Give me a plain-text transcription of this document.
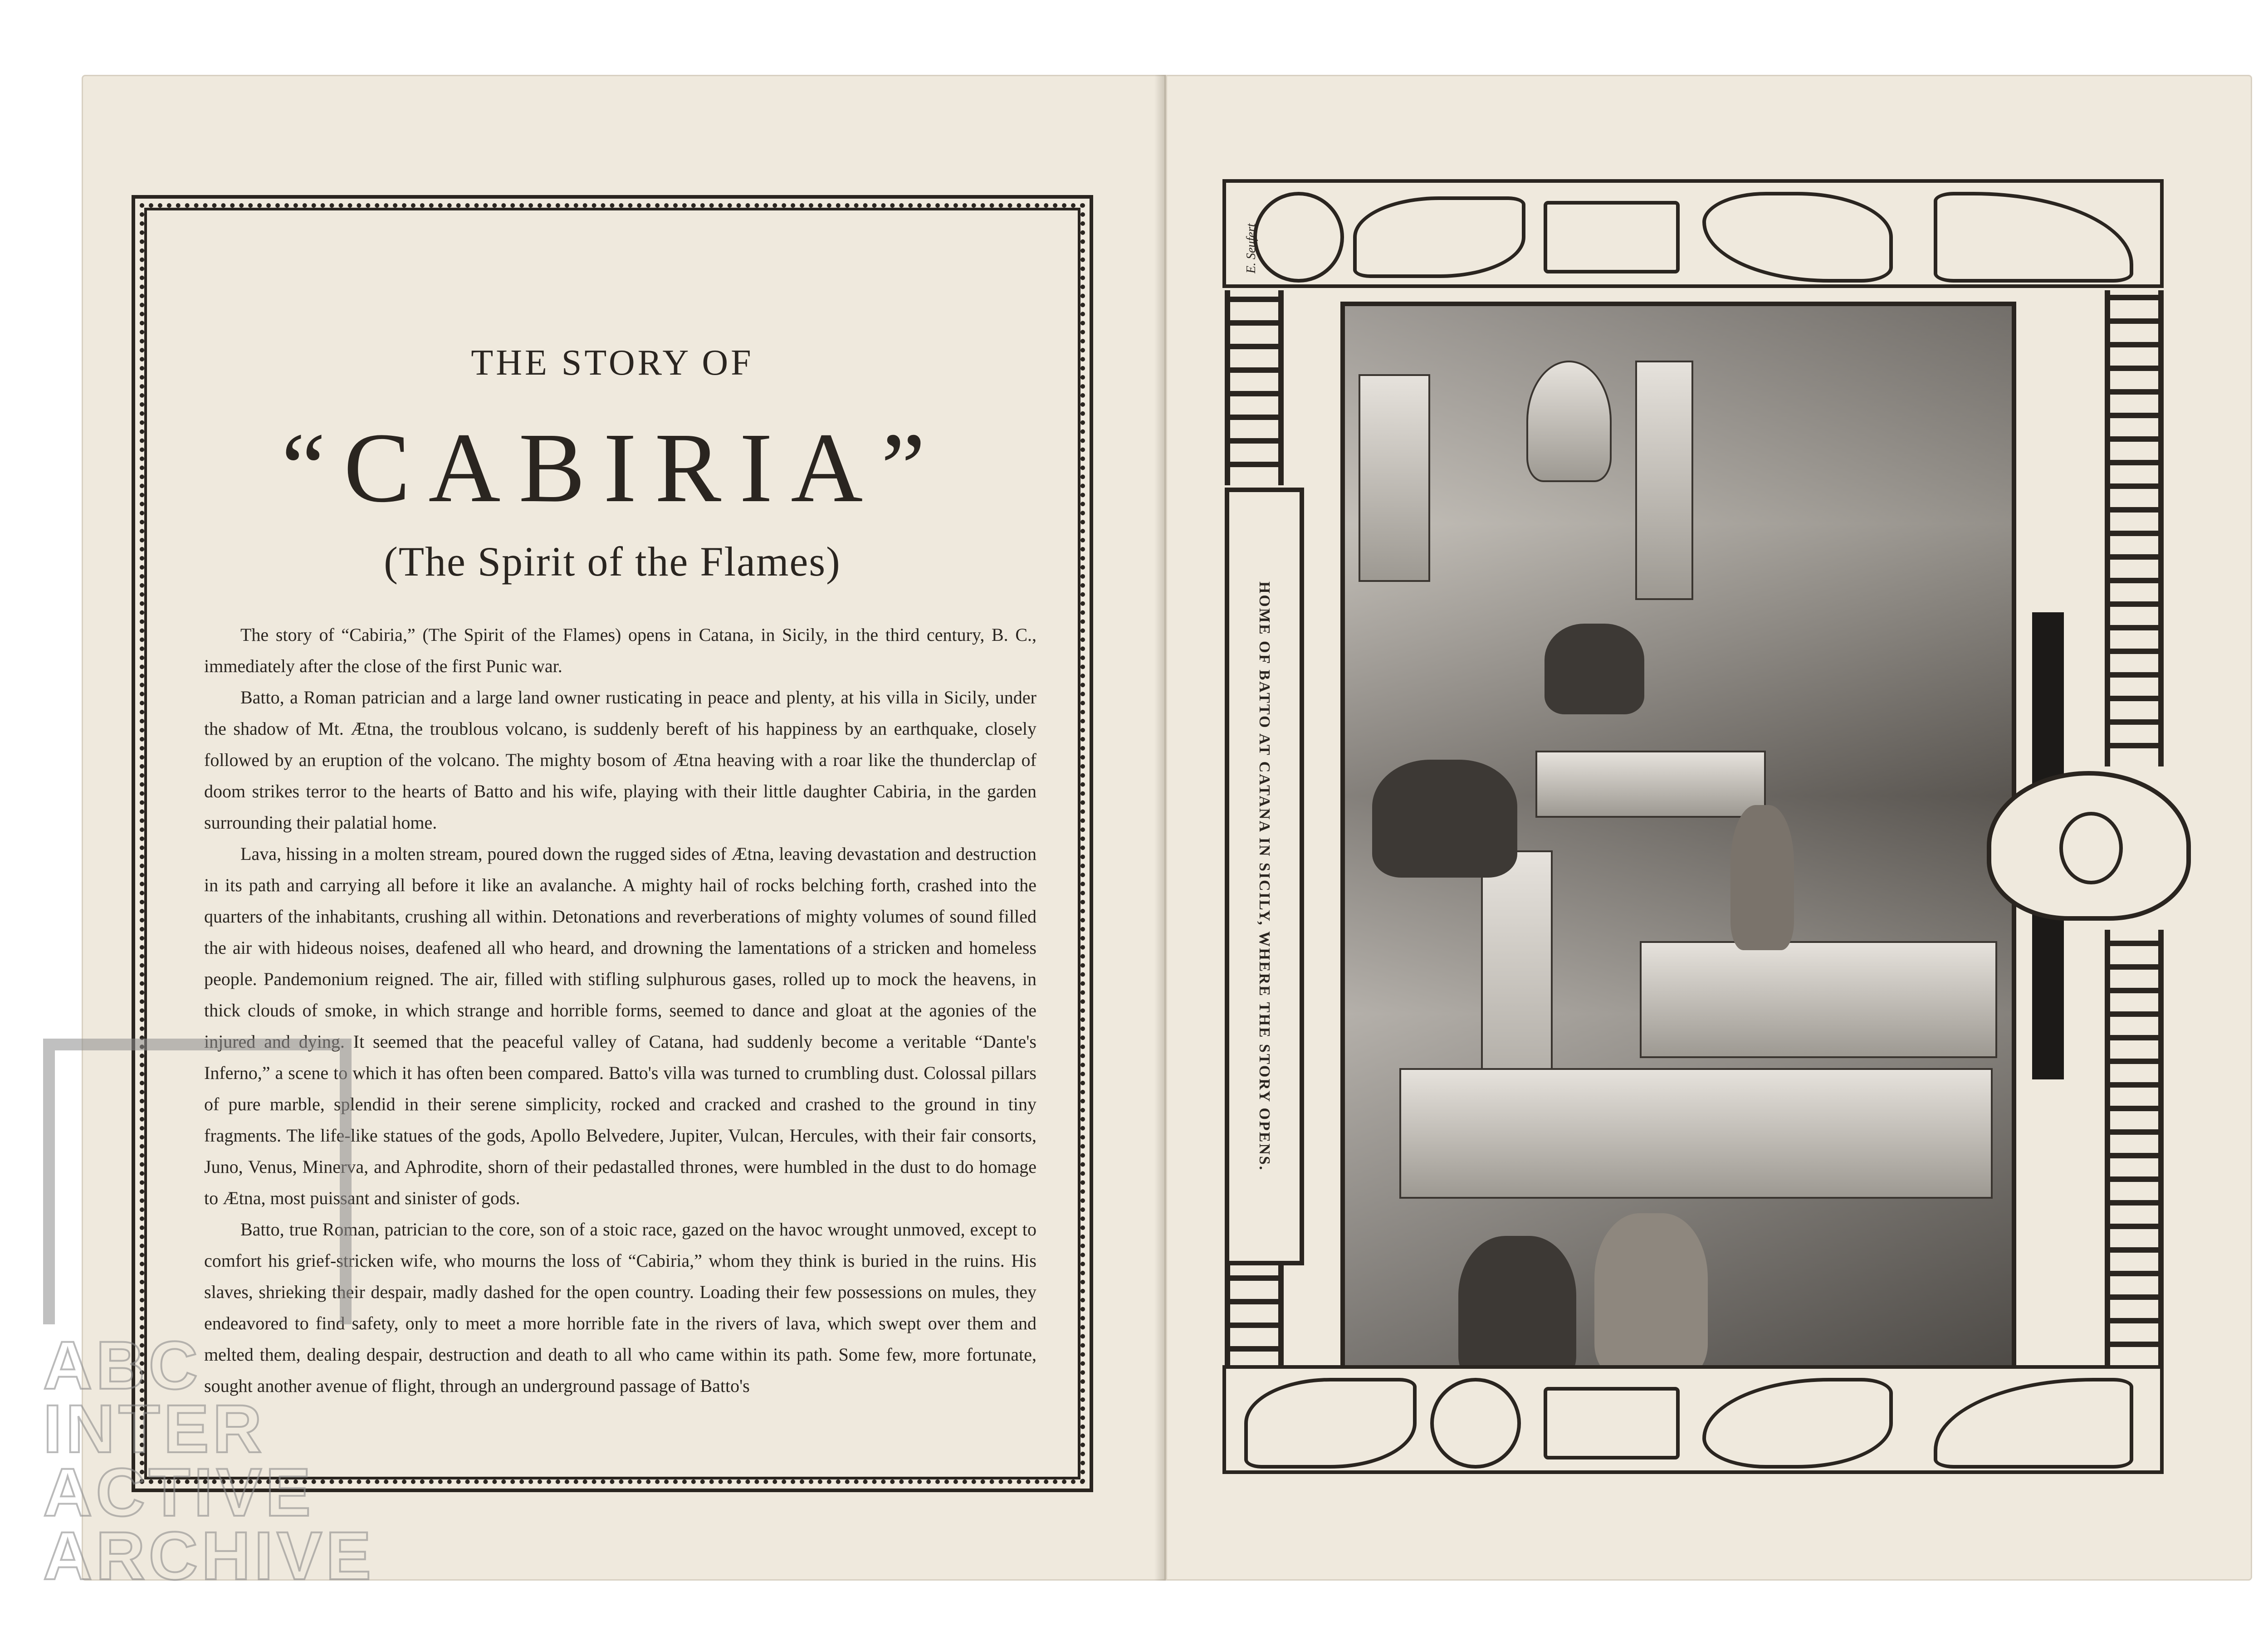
THE STORY OF
“CABIRIA”
(The Spirit of the Flames)

The story of “Cabiria,” (The Spirit of the Flames) opens in Catana, in Sicily, in the third century, B. C., immediately after the close of the first Punic war.

Batto, a Roman patrician and a large land owner rusticating in peace and plenty, at his villa in Sicily, under the shadow of Mt. Ætna, the troublous volcano, is suddenly bereft of his happiness by an earthquake, closely followed by an eruption of the volcano. The mighty bosom of Ætna heaving with a roar like the thunderclap of doom strikes terror to the hearts of Batto and his wife, playing with their little daughter Cabiria, in the garden surrounding their palatial home.

Lava, hissing in a molten stream, poured down the rugged sides of Ætna, leaving devastation and destruction in its path and carrying all before it like an avalanche. A mighty hail of rocks belching forth, crashed into the quarters of the inhabitants, crushing all within. Detonations and reverberations of mighty volumes of sound filled the air with hideous noises, deafened all who heard, and drowning the lamentations of a stricken and homeless people. Pandemonium reigned. The air, filled with stifling sulphurous gases, rolled up to mock the heavens, in thick clouds of smoke, in which strange and horrible forms, seemed to dance and gloat at the agonies of the injured and dying. It seemed that the peaceful valley of Catana, had suddenly become a veritable “Dante's Inferno,” a scene to which it has often been compared. Batto's villa was turned to crumbling dust. Colossal pillars of pure marble, splendid in their serene simplicity, rocked and cracked and crashed to the ground in tiny fragments. The life-like statues of the gods, Apollo Belvedere, Jupiter, Vulcan, Hercules, with their fair consorts, Juno, Venus, Minerva, and Aphrodite, shorn of their pedastalled thrones, were humbled in the dust to do homage to Ætna, most puissant and sinister of gods.

Batto, true Roman, patrician to the core, son of a stoic race, gazed on the havoc wrought unmoved, except to comfort his grief-stricken wife, who mourns the loss of “Cabiria,” whom they think is buried in the ruins. His slaves, shrieking their despair, madly dashed for the open country. Loading their few possessions on mules, they endeavored to find safety, only to meet a more horrible fate in the rivers of lava, which swept over them and melted them, dealing despair, destruction and death to all who came within its path. Some few, more fortunate, sought another avenue of flight, through an underground passage of Batto's

E. Seufert
HOME OF BATTO AT CATANA IN SICILY, WHERE THE STORY OPENS.
ABC
INTER
ACTIVE
ARCHIVE
